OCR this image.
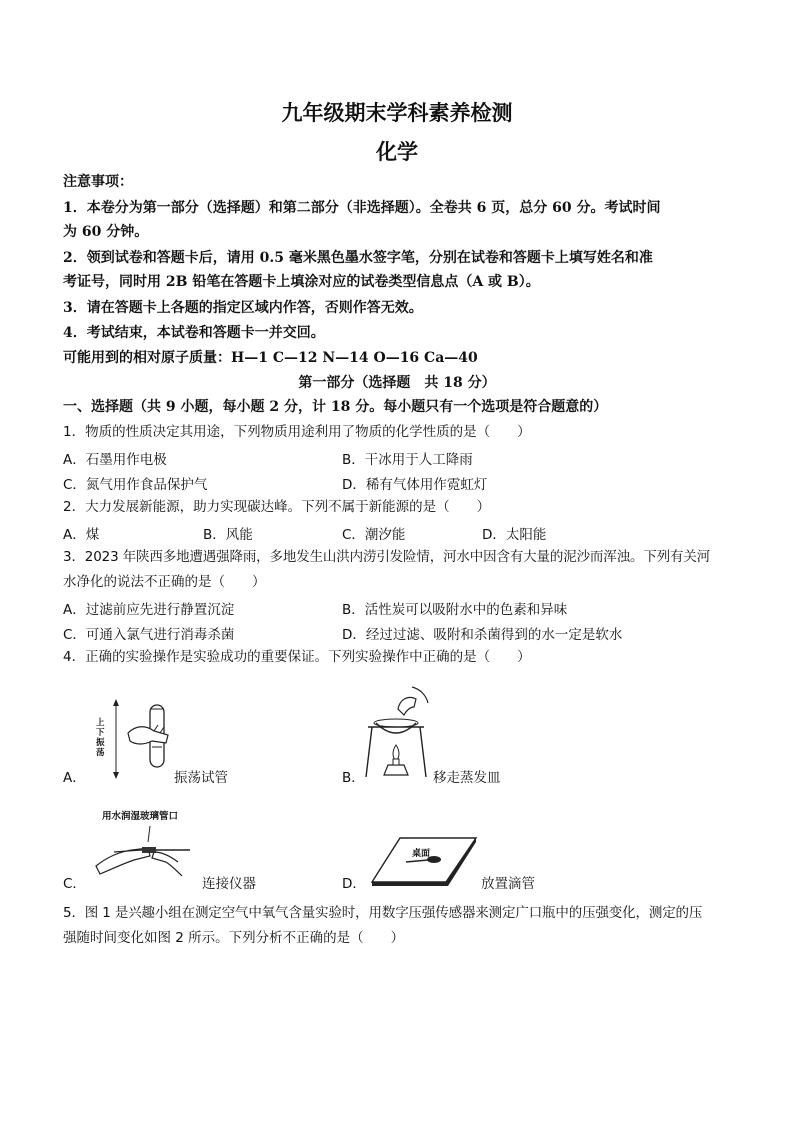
九年级期末学科素养检测
化学
注意事项：
1．本卷分为第一部分（选择题）和第二部分（非选择题）。全卷共 6 页，总分 60 分。考试时间
为 60 分钟。
2．领到试卷和答题卡后，请用 0.5 毫米黑色墨水签字笔，分别在试卷和答题卡上填写姓名和准
考证号，同时用 2B 铅笔在答题卡上填涂对应的试卷类型信息点（A 或 B）。
3．请在答题卡上各题的指定区域内作答，否则作答无效。
4．考试结束，本试卷和答题卡一并交回。
可能用到的相对原子质量：H—1 C—12 N—14 O—16 Ca—40
第一部分（选择题　共 18 分）
一、选择题（共 9 小题，每小题 2 分，计 18 分。每小题只有一个选项是符合题意的）
1．物质的性质决定其用途，下列物质用途利用了物质的化学性质的是（　　）
A．石墨用作电极	B．干冰用于人工降雨
C．氮气用作食品保护气	D．稀有气体用作霓虹灯
2．大力发展新能源，助力实现碳达峰。下列不属于新能源的是（　　）
A．煤	B．风能	C．潮汐能	D．太阳能
3．2023 年陕西多地遭遇强降雨，多地发生山洪内涝引发险情，河水中因含有大量的泥沙而浑浊。下列有关河
水净化的说法不正确的是（　　）
A．过滤前应先进行静置沉淀	B．活性炭可以吸附水中的色素和异味
C．可通入氯气进行消毒杀菌	D．经过过滤、吸附和杀菌得到的水一定是软水
4．正确的实验操作是实验成功的重要保证。下列实验操作中正确的是（　　）
A．
上下振荡
振荡试管	B．	移走蒸发皿
用水润湿玻璃管口
C．	连接仪器	D．
桌面
放置滴管
5．图 1 是兴趣小组在测定空气中氧气含量实验时，用数字压强传感器来测定广口瓶中的压强变化，测定的压
强随时间变化如图 2 所示。下列分析不正确的是（　　）
